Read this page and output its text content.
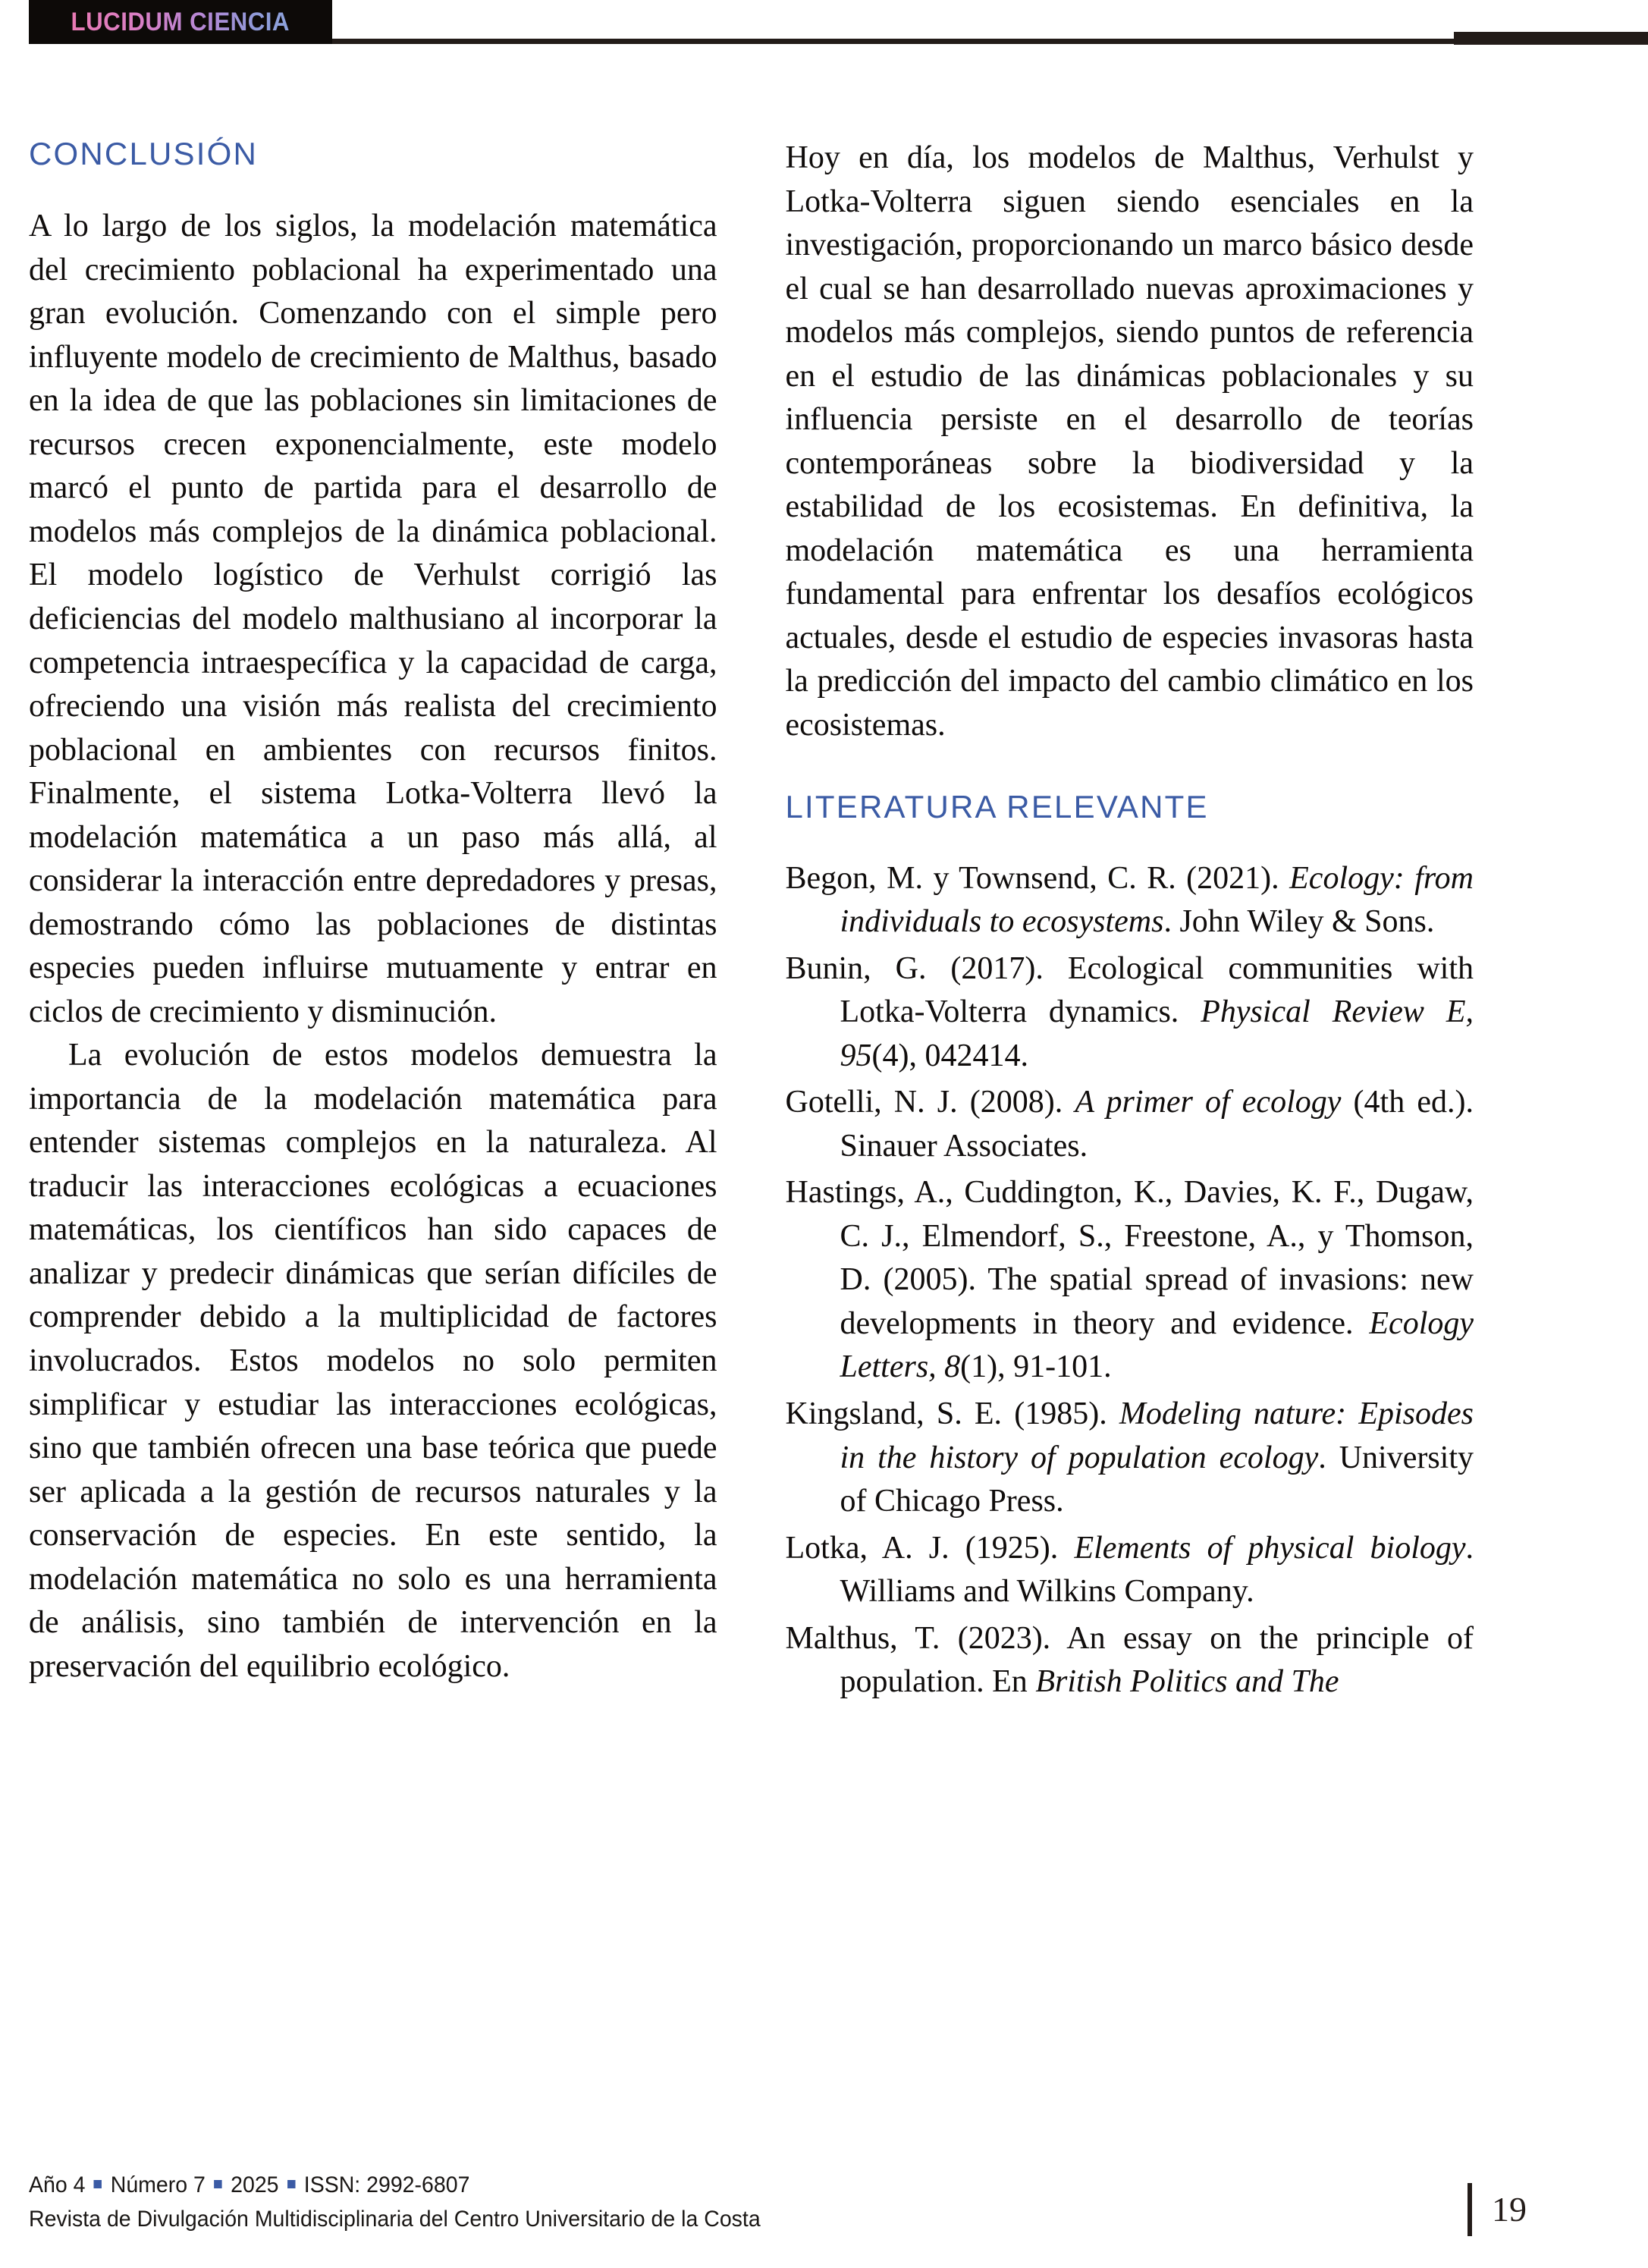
LUCIDUM CIENCIA
CONCLUSIÓN

A lo largo de los siglos, la modelación matemática del crecimiento poblacional ha experimentado una gran evolución. Comenzando con el simple pero influyente modelo de crecimiento de Malthus, basado en la idea de que las poblaciones sin limitaciones de recursos crecen exponencialmente, este modelo marcó el punto de partida para el desarrollo de modelos más complejos de la dinámica poblacional. El modelo logístico de Verhulst corrigió las deficiencias del modelo malthusiano al incorporar la competencia intraespecífica y la capacidad de carga, ofreciendo una visión más realista del crecimiento poblacional en ambientes con recursos finitos. Finalmente, el sistema Lotka-Volterra llevó la modelación matemática a un paso más allá, al considerar la interacción entre depredadores y presas, demostrando cómo las poblaciones de distintas especies pueden influirse mutuamente y entrar en ciclos de crecimiento y disminución.

La evolución de estos modelos demuestra la importancia de la modelación matemática para entender sistemas complejos en la naturaleza. Al traducir las interacciones ecológicas a ecuaciones matemáticas, los científicos han sido capaces de analizar y predecir dinámicas que serían difíciles de comprender debido a la multiplicidad de factores involucrados. Estos modelos no solo permiten simplificar y estudiar las interacciones ecológicas, sino que también ofrecen una base teórica que puede ser aplicada a la gestión de recursos naturales y la conservación de especies. En este sentido, la modelación matemática no solo es una herramienta de análisis, sino también de intervención en la preservación del equilibrio ecológico.

Hoy en día, los modelos de Malthus, Verhulst y Lotka-Volterra siguen siendo esenciales en la investigación, proporcionando un marco básico desde el cual se han desarrollado nuevas aproximaciones y modelos más complejos, siendo puntos de referencia en el estudio de las dinámicas poblacionales y su influencia persiste en el desarrollo de teorías contemporáneas sobre la biodiversidad y la estabilidad de los ecosistemas. En definitiva, la modelación matemática es una herramienta fundamental para enfrentar los desafíos ecológicos actuales, desde el estudio de especies invasoras hasta la predicción del impacto del cambio climático en los ecosistemas.

LITERATURA RELEVANTE

Begon, M. y Townsend, C. R. (2021). Ecology: from individuals to ecosystems. John Wiley & Sons.

Bunin, G. (2017). Ecological communities with Lotka-Volterra dynamics. Physical Review E, 95(4), 042414.

Gotelli, N. J. (2008). A primer of ecology (4th ed.). Sinauer Associates.

Hastings, A., Cuddington, K., Davies, K. F., Dugaw, C. J., Elmendorf, S., Freestone, A., y Thomson, D. (2005). The spatial spread of invasions: new developments in theory and evidence. Ecology Letters, 8(1), 91-101.

Kingsland, S. E. (1985). Modeling nature: Episodes in the history of population ecology. University of Chicago Press.

Lotka, A. J. (1925). Elements of physical biology. Williams and Wilkins Company.

Malthus, T. (2023). An essay on the principle of population. En British Politics and The

Año 4 Número 7 2025 ISSN: 2992-6807
Revista de Divulgación Multidisciplinaria del Centro Universitario de la Costa	19
